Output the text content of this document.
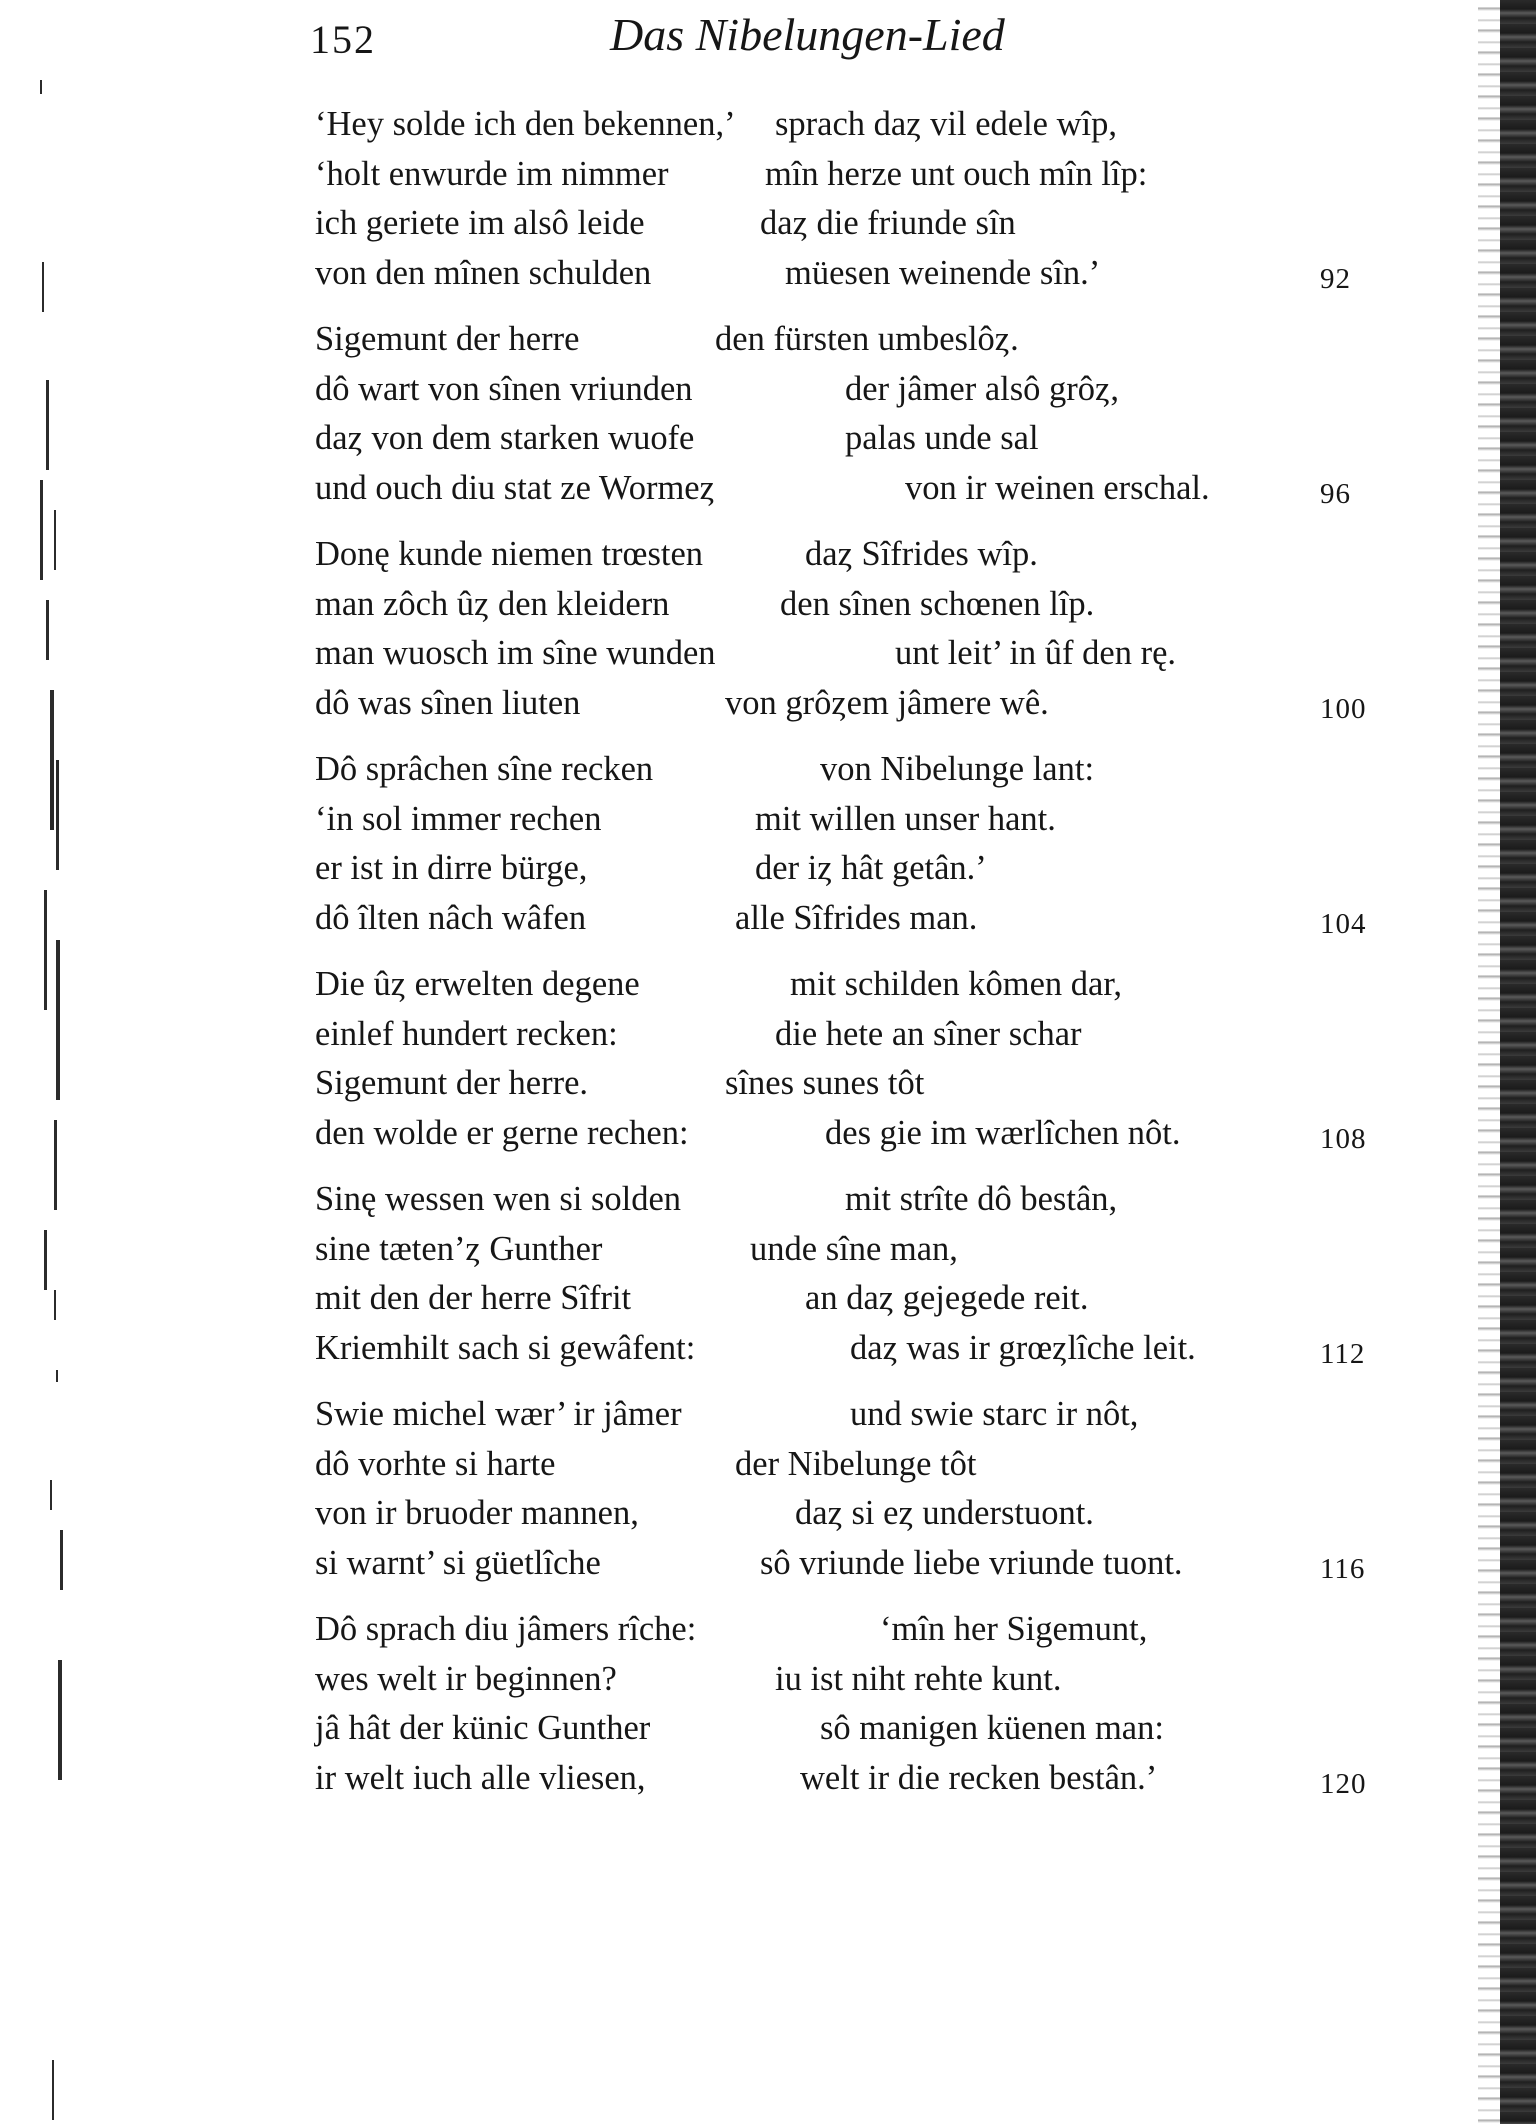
152	Das Nibelungen-Lied
‘Hey solde ich den bekennen,’ sprach daȥ vil edele wîp,
‘holt enwurde im nimmer	mîn herze unt ouch mîn lîp:
ich geriete im alsô leide	daȥ die friunde sîn
von den mînen schulden	müesen weinende sîn.’	92
Sigemunt der herre	den fürsten umbeslôȥ.
dô wart von sînen vriunden	der jâmer alsô grôȥ,
daȥ von dem starken wuofe	palas unde sal
und ouch diu stat ze Wormeȥ	von ir weinen erschal.	96
Donę kunde niemen trœsten	daȥ Sîfrides wîp.
man zôch ûȥ den kleidern	den sînen schœnen lîp.
man wuosch im sîne wunden	unt leit’ in ûf den rę.
dô was sînen liuten	von grôȥem jâmere wê.	100
Dô sprâchen sîne recken	von Nibelunge lant:
‘in sol immer rechen	mit willen unser hant.
er ist in dirre bürge,	der iȥ hât getân.’
dô îlten nâch wâfen	alle Sîfrides man.	104
Die ûȥ erwelten degene	mit schilden kômen dar,
einlef hundert recken:	die hete an sîner schar
Sigemunt der herre.	sînes sunes tôt
den wolde er gerne rechen:	des gie im wærlîchen nôt.	108
Sinę wessen wen si solden	mit strîte dô bestân,
sine tæten’ȥ Gunther	unde sîne man,
mit den der herre Sîfrit	an daȥ gejegede reit.
Kriemhilt sach si gewâfent:	daȥ was ir grœȥlîche leit.	112
Swie michel wær’ ir jâmer	und swie starc ir nôt,
dô vorhte si harte	der Nibelunge tôt
von ir bruoder mannen,	daȥ si eȥ understuont.
si warnt’ si güetlîche	sô vriunde liebe vriunde tuont.	116
Dô sprach diu jâmers rîche:	‘mîn her Sigemunt,
wes welt ir beginnen?	iu ist niht rehte kunt.
jâ hât der künic Gunther	sô manigen küenen man:
ir welt iuch alle vliesen,	welt ir die recken bestân.’	120
